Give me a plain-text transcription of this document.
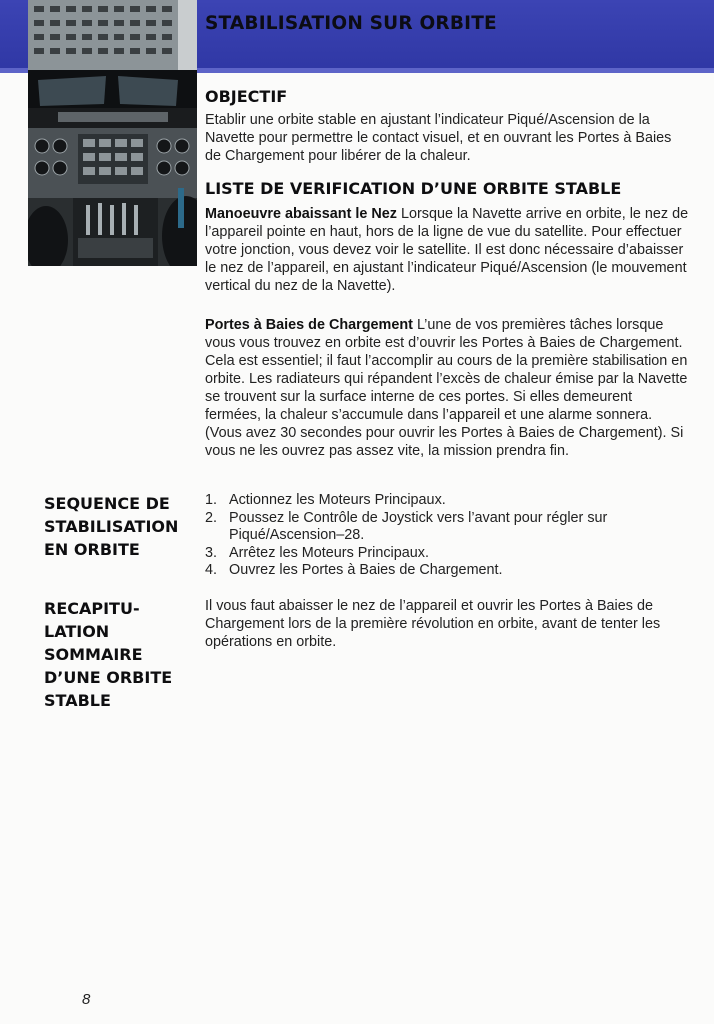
STABILISATION SUR ORBITE
OBJECTIF

Etablir une orbite stable en ajustant l’indicateur Piqué/Ascension de la Navette pour permettre le contact visuel, et en ouvrant les Portes à Baies de Chargement pour libérer de la chaleur.

LISTE DE VERIFICATION D’UNE ORBITE STABLE

Manoeuvre abaissant le Nez Lorsque la Navette arrive en orbite, le nez de l’appareil pointe en haut, hors de la ligne de vue du satellite. Pour effectuer votre jonction, vous devez voir le satellite. Il est donc nécessaire d’abaisser le nez de l’appareil, en ajustant l’indicateur Piqué/Ascension (le mouvement vertical du nez de la Navette).

Portes à Baies de Chargement L’une de vos premières tâches lorsque vous vous trouvez en orbite est d’ouvrir les Portes à Baies de Chargement. Cela est essentiel; il faut l’accomplir au cours de la première stabilisation en orbite. Les radiateurs qui répandent l’excès de chaleur émise par la Navette se trouvent sur la surface interne de ces portes. Si elles demeurent fermées, la chaleur s’accumule dans l’appareil et une alarme sonnera. (Vous avez 30 secondes pour ouvrir les Portes à Baies de Chargement). Si vous ne les ouvrez pas assez vite, la mission prendra fin.

SEQUENCE DE
STABILISATION
EN ORBITE
1. Actionnez les Moteurs Principaux.
2. Poussez le Contrôle de Joystick vers l’avant pour régler sur Piqué/Ascension–28.
3. Arrêtez les Moteurs Principaux.
4. Ouvrez les Portes à Baies de Chargement.
RECAPITU-
LATION
SOMMAIRE
D’UNE ORBITE
STABLE

Il vous faut abaisser le nez de l’appareil et ouvrir les Portes à Baies de Chargement lors de la première révolution en orbite, avant de tenter les opérations en orbite.

8
